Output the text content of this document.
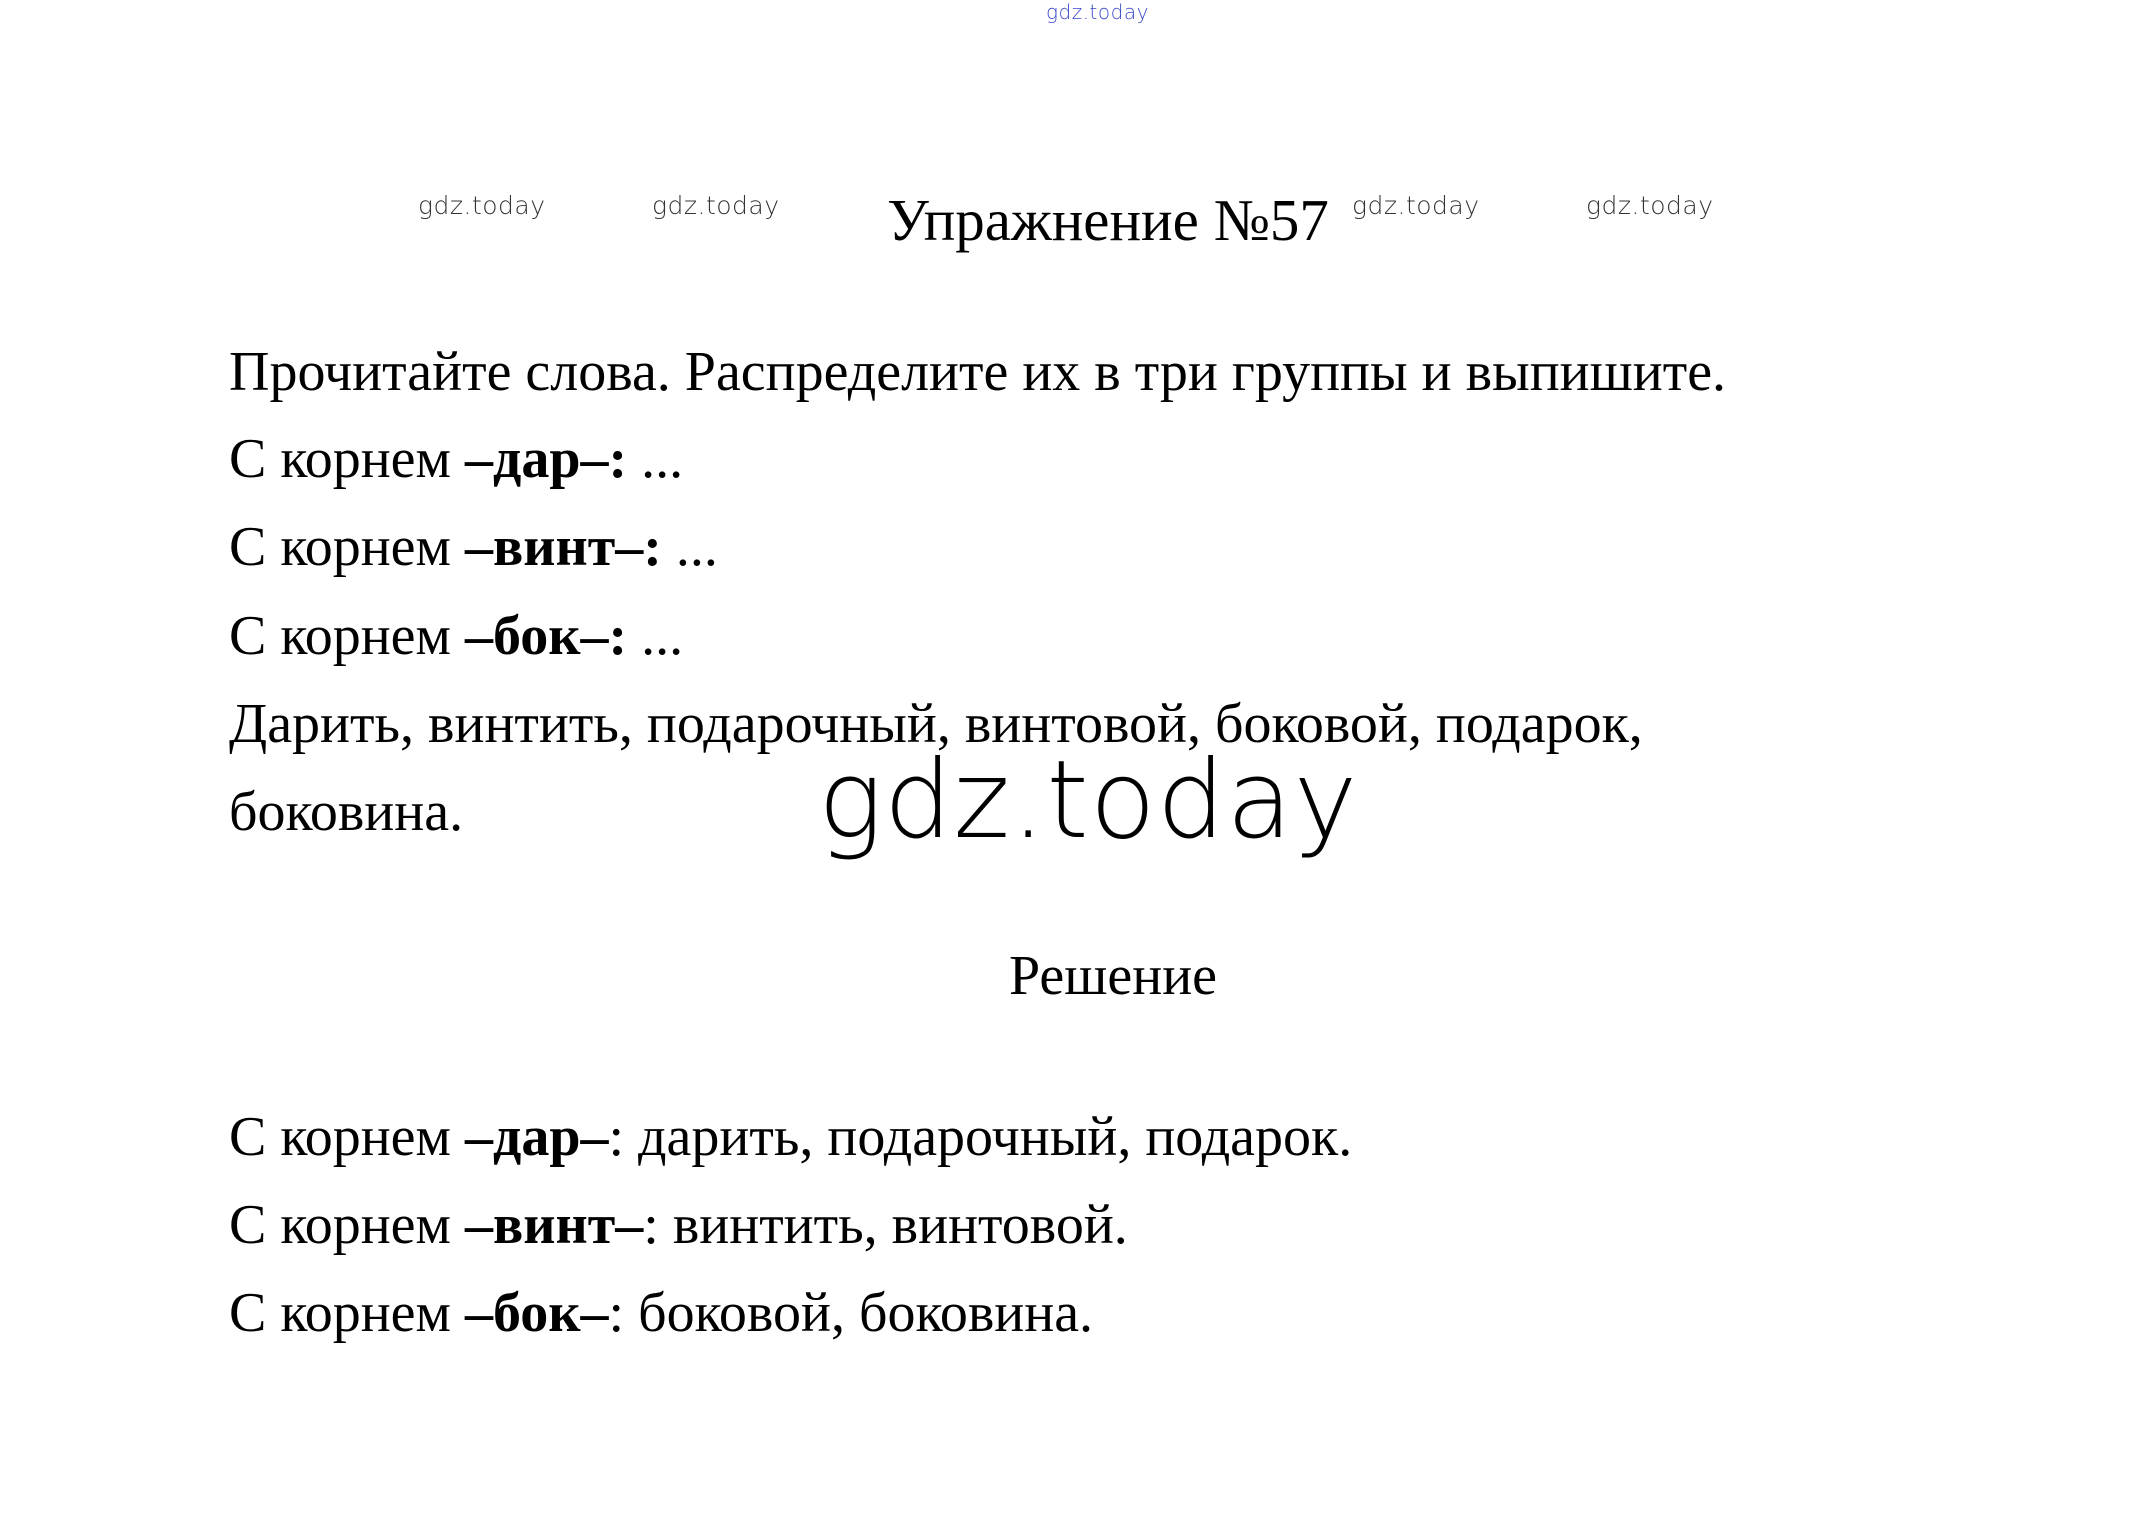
gdz.today
gdz.today	gdz.today	gdz.today	gdz.today
Упражнение №57
Прочитайте слова. Распределите их в три группы и выпишите.
С корнем –дар–: ...
С корнем –винт–: ...
С корнем –бок–: ...
Дарить, винтить, подарочный, винтовой, боковой, подарок,
боковина.	gdz.today
Решение
С корнем –дар–: дарить, подарочный, подарок.
С корнем –винт–: винтить, винтовой.
С корнем –бок–: боковой, боковина.
